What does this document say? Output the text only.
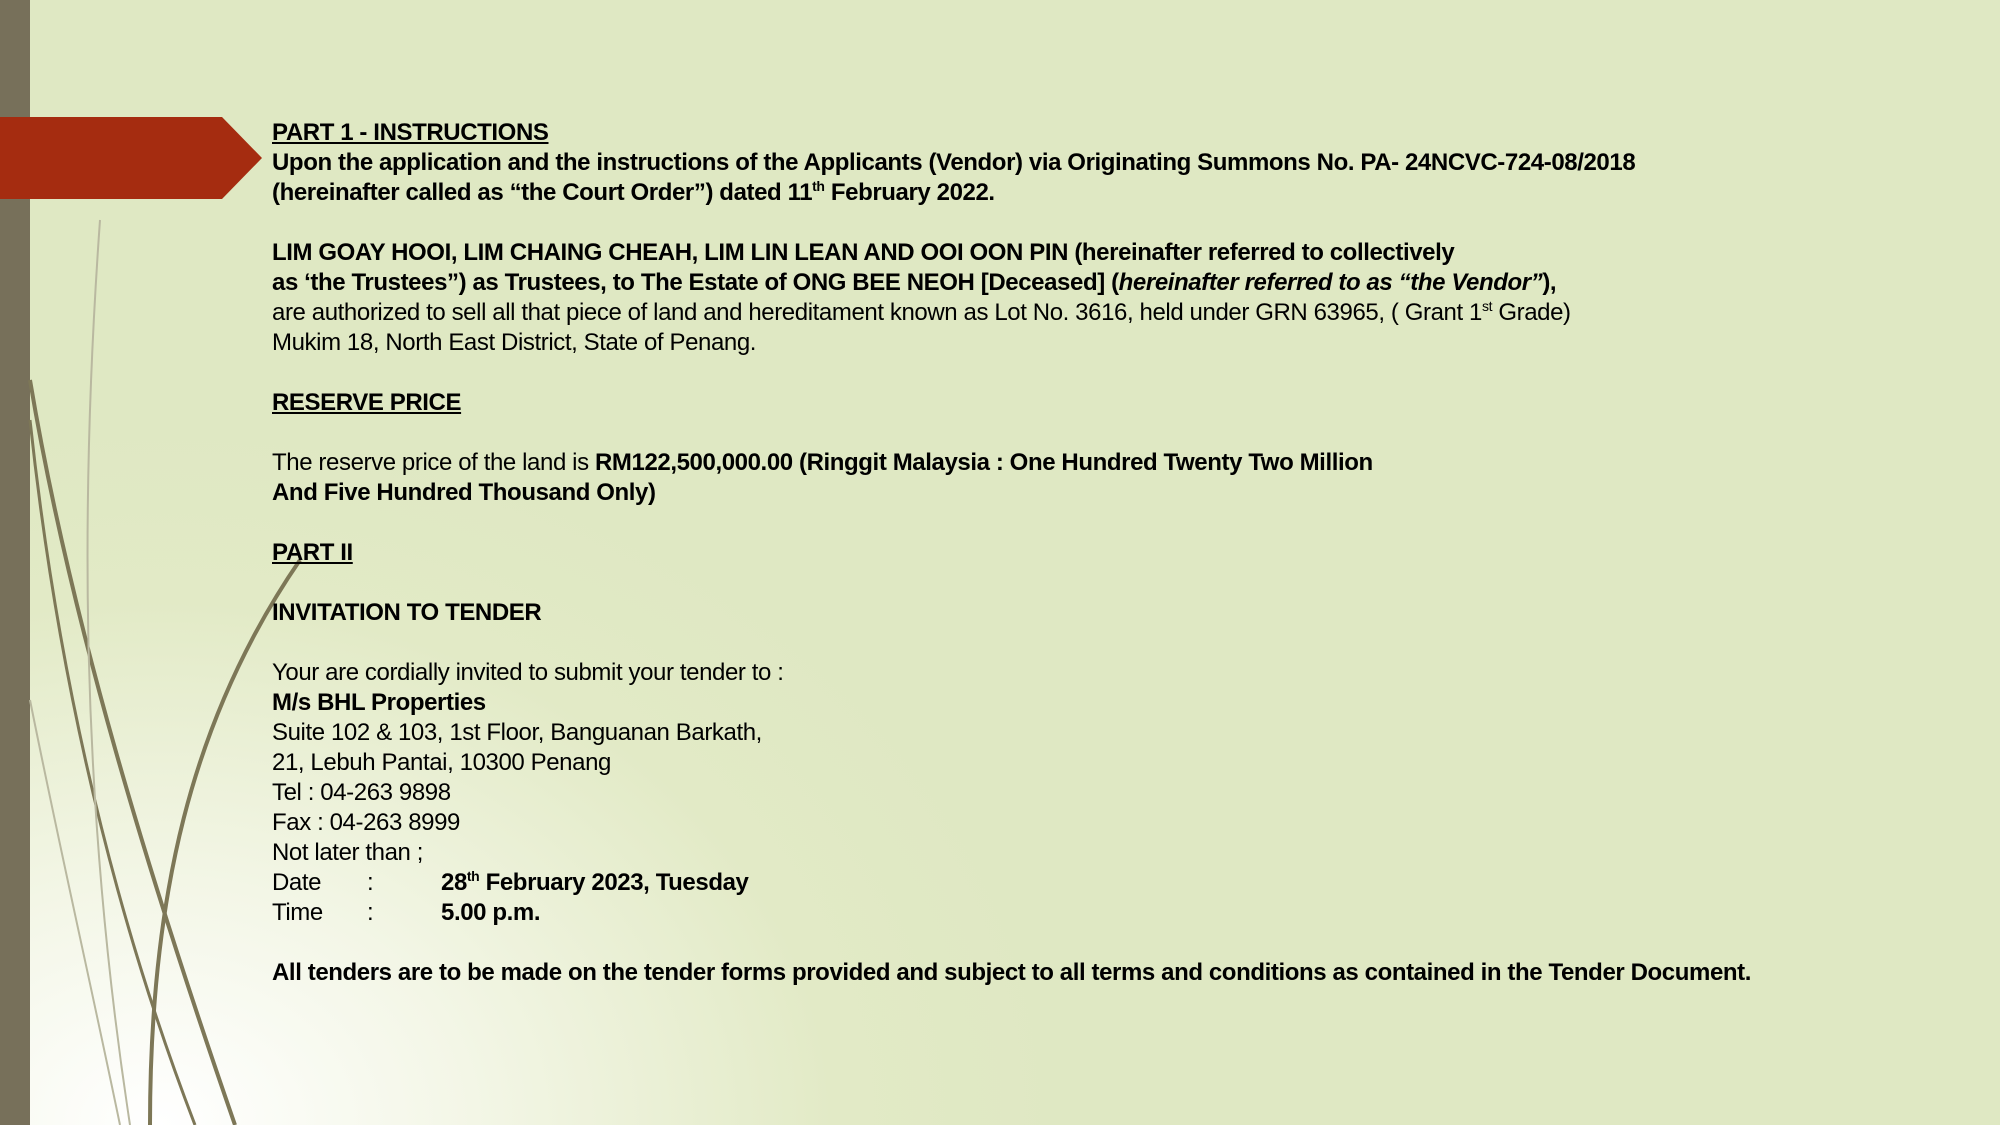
PART 1 - INSTRUCTIONS
Upon the application and the instructions of the Applicants (Vendor) via Originating Summons No. PA- 24NCVC-724-08/2018
(hereinafter called as “the Court Order”) dated 11th February 2022.
LIM GOAY HOOI, LIM CHAING CHEAH, LIM LIN LEAN AND OOI OON PIN (hereinafter referred to collectively
as ‘the Trustees”) as Trustees, to The Estate of ONG BEE NEOH [Deceased] (hereinafter referred to as “the Vendor”),
are authorized to sell all that piece of land and hereditament known as Lot No. 3616, held under GRN 63965, ( Grant 1st Grade)
Mukim 18, North East District, State of Penang.
RESERVE PRICE
The reserve price of the land is RM122,500,000.00 (Ringgit Malaysia : One Hundred Twenty Two Million
And Five Hundred Thousand Only)
PART II
INVITATION TO TENDER
Your are cordially invited to submit your tender to :
M/s BHL Properties
Suite 102 & 103, 1st Floor, Banguanan Barkath,
21, Lebuh Pantai, 10300 Penang
Tel : 04-263 9898
Fax : 04-263 8999
Not later than ;
Date :	28th February 2023, Tuesday
Time :	5.00 p.m.
All tenders are to be made on the tender forms provided and subject to all terms and conditions as contained in the Tender Document.
